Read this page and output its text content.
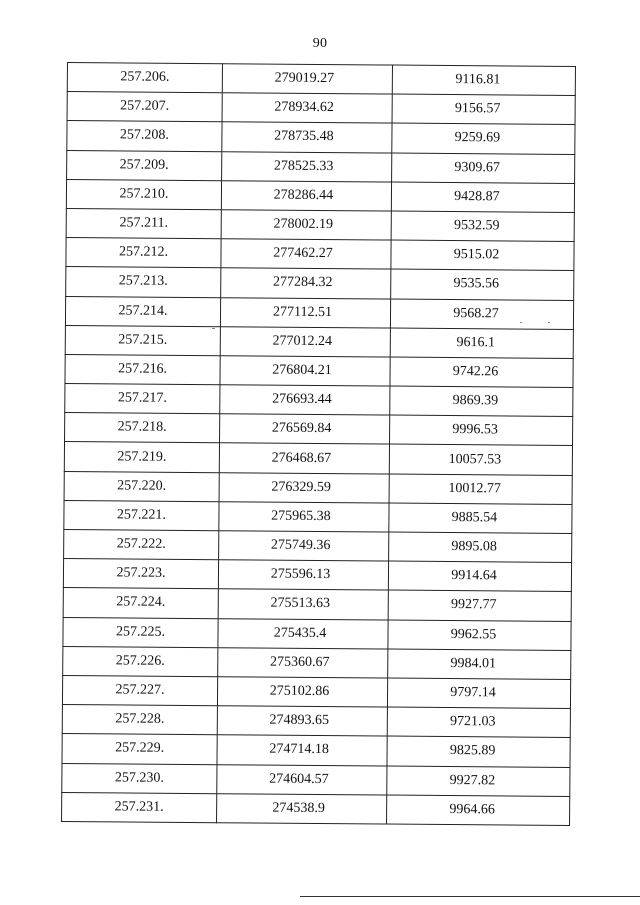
90
257.206.	279019.27	9116.81
257.207.	278934.62	9156.57
257.208.	278735.48	9259.69
257.209.	278525.33	9309.67
257.210.	278286.44	9428.87
257.211.	278002.19	9532.59
257.212.	277462.27	9515.02
257.213.	277284.32	9535.56
257.214.	277112.51	9568.27
257.215.	277012.24	9616.1
257.216.	276804.21	9742.26
257.217.	276693.44	9869.39
257.218.	276569.84	9996.53
257.219.	276468.67	10057.53
257.220.	276329.59	10012.77
257.221.	275965.38	9885.54
257.222.	275749.36	9895.08
257.223.	275596.13	9914.64
257.224.	275513.63	9927.77
257.225.	275435.4	9962.55
257.226.	275360.67	9984.01
257.227.	275102.86	9797.14
257.228.	274893.65	9721.03
257.229.	274714.18	9825.89
257.230.	274604.57	9927.82
257.231.	274538.9	9964.66
